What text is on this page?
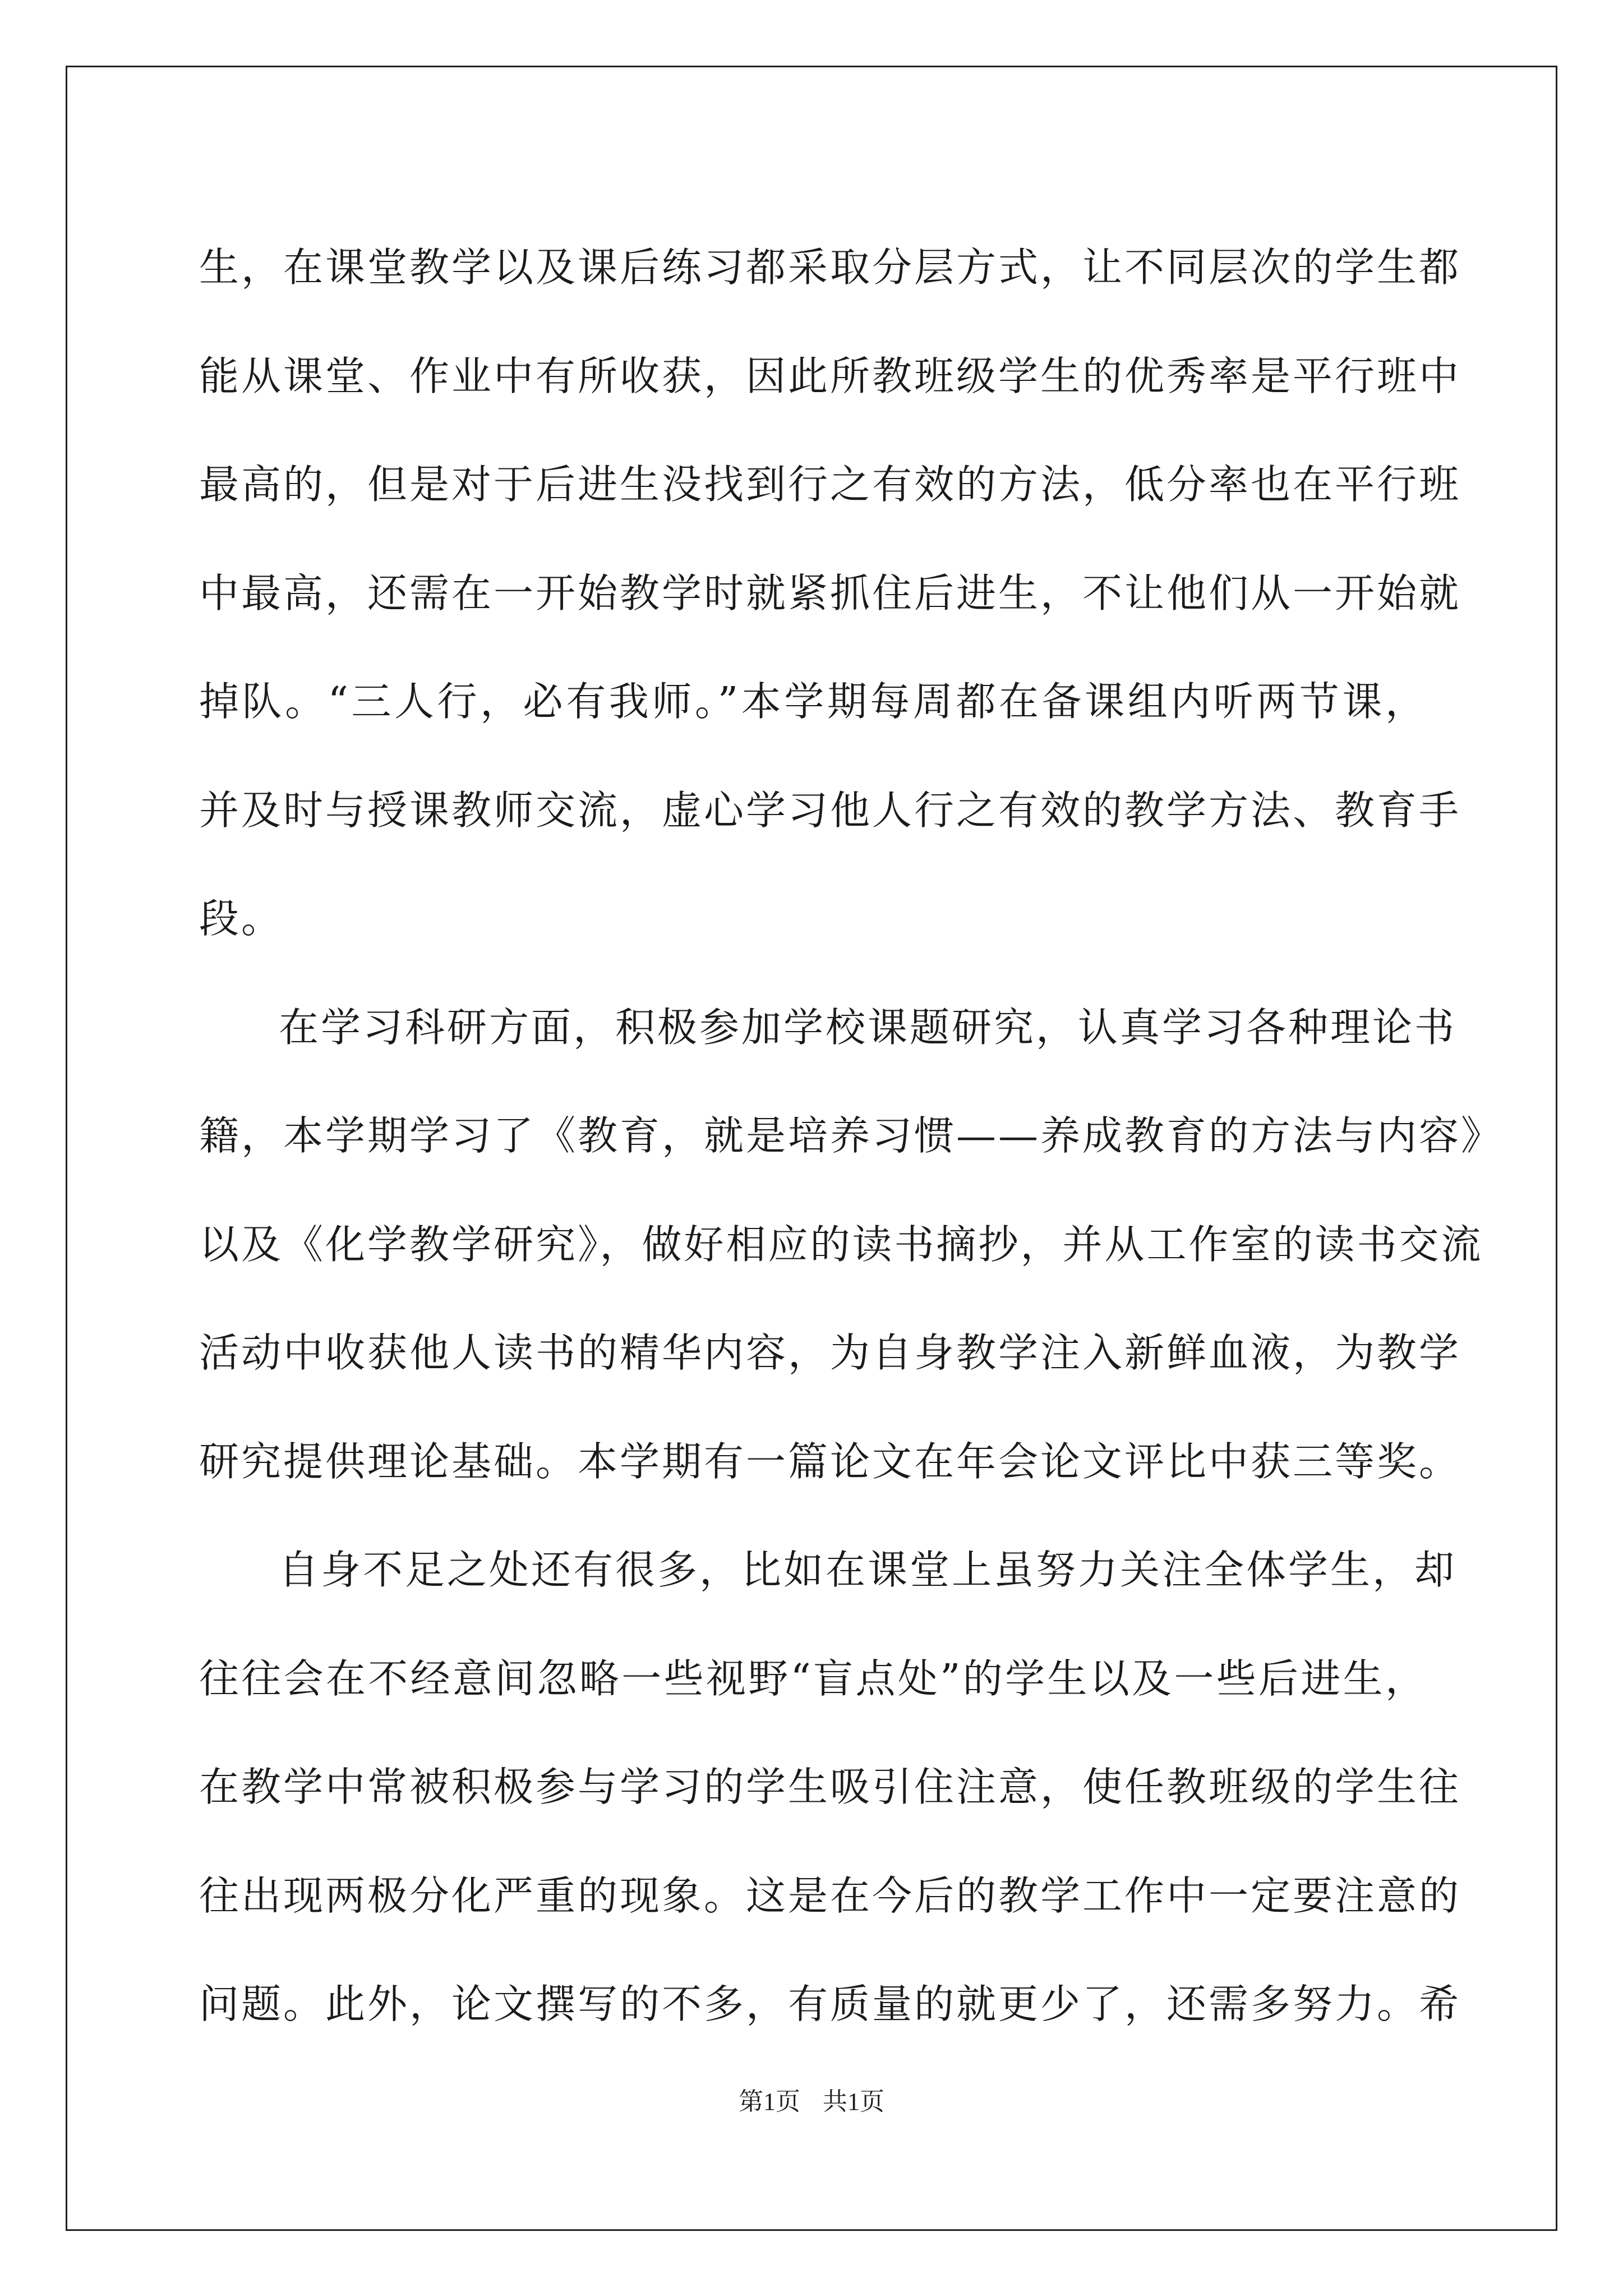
生，在课堂教学以及课后练习都采取分层方式，让不同层次的学生都
能从课堂、作业中有所收获，因此所教班级学生的优秀率是平行班中
最高的，但是对于后进生没找到行之有效的方法，低分率也在平行班
中最高，还需在一开始教学时就紧抓住后进生，不让他们从一开始就
掉队。“三人行，必有我师。”本学期每周都在备课组内听两节课，
并及时与授课教师交流，虚心学习他人行之有效的教学方法、教育手
段。
在学习科研方面，积极参加学校课题研究，认真学习各种理论书
籍，本学期学习了《教育，就是培养习惯——养成教育的方法与内容》
以及《化学教学研究》，做好相应的读书摘抄，并从工作室的读书交流
活动中收获他人读书的精华内容，为自身教学注入新鲜血液，为教学
研究提供理论基础。本学期有一篇论文在年会论文评比中获三等奖。
自身不足之处还有很多，比如在课堂上虽努力关注全体学生，却
往往会在不经意间忽略一些视野“盲点处”的学生以及一些后进生，
在教学中常被积极参与学习的学生吸引住注意，使任教班级的学生往
往出现两极分化严重的现象。这是在今后的教学工作中一定要注意的
问题。此外，论文撰写的不多，有质量的就更少了，还需多努力。希
第1页 共1页
